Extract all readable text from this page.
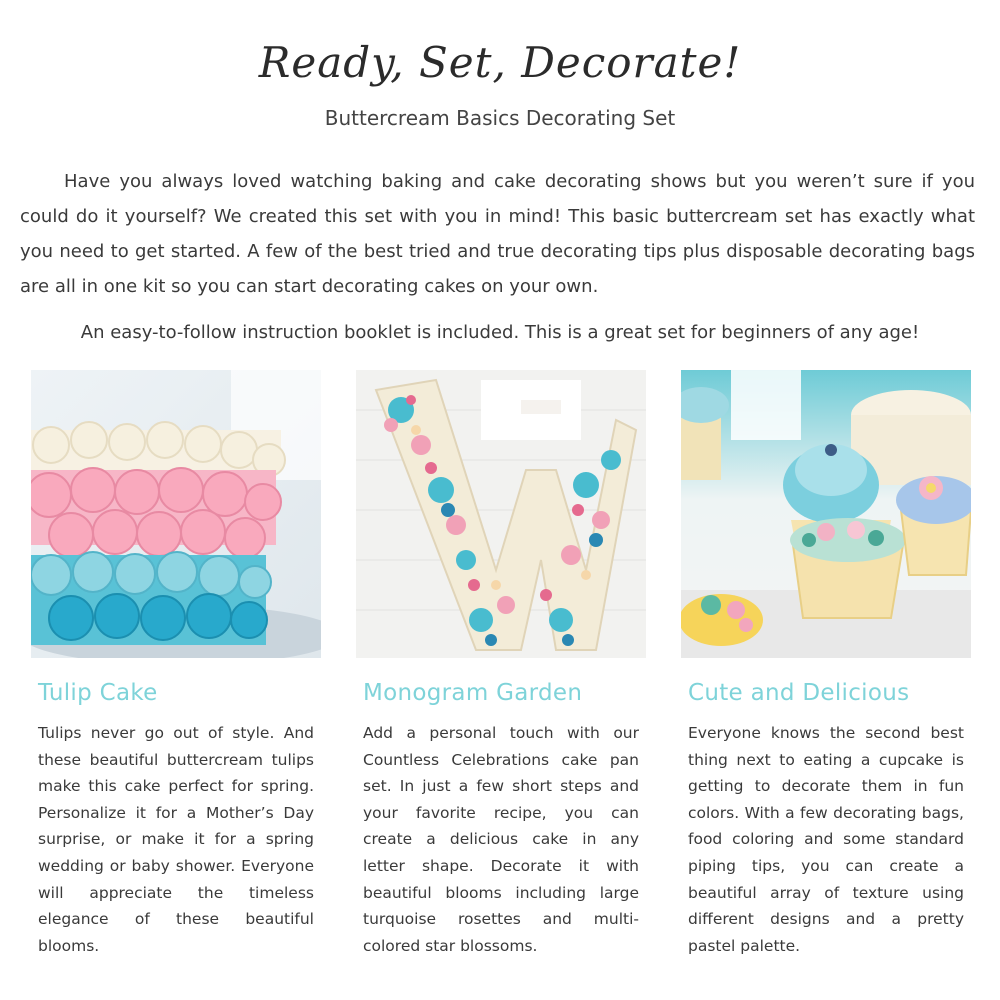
Ready, Set, Decorate!
Buttercream Basics Decorating Set
Have you always loved watching baking and cake decorating shows but you weren’t sure if you could do it yourself? We created this set with you in mind! This basic buttercream set has exactly what you need to get started. A few of the best tried and true decorating tips plus disposable decorating bags are all in one kit so you can start decorating cakes on your own.
An easy-to-follow instruction booklet is included. This is a great set for beginners of any age!
Tulip Cake

Tulips never go out of style. And these beautiful buttercream tulips make this cake perfect for spring. Personalize it for a Mother’s Day surprise, or make it for a spring wedding or baby shower. Everyone will appreciate the timeless elegance of these beautiful blooms.

Monogram Garden

Add a personal touch with our Countless Celebrations cake pan set. In just a few short steps and your favorite recipe, you can create a delicious cake in any letter shape. Decorate it with beautiful blooms including large turquoise rosettes and multi-colored star blossoms.

Cute and Delicious

Everyone knows the second best thing next to eating a cupcake is getting to decorate them in fun colors. With a few decorating bags, food coloring and some standard piping tips, you can create a beautiful array of texture using different designs and a pretty pastel palette.
